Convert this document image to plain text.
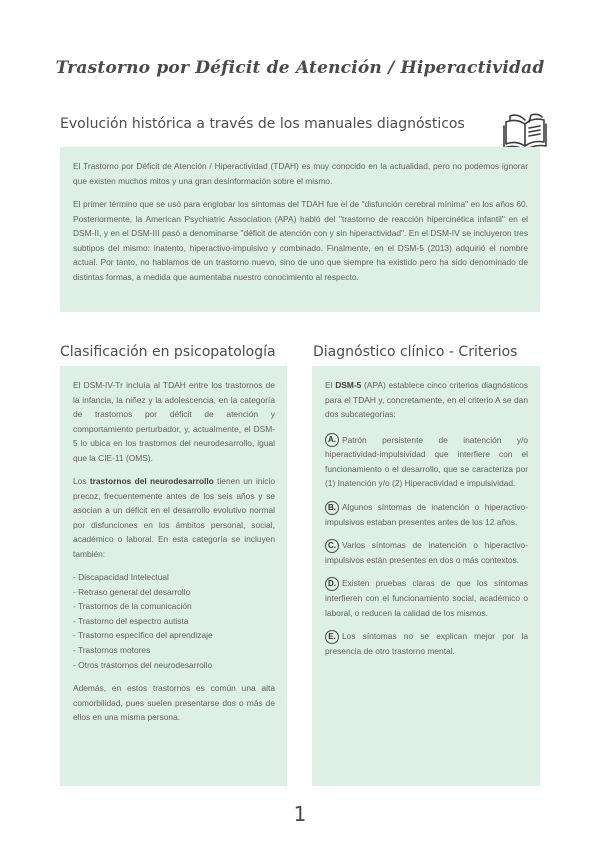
Trastorno por Déficit de Atención / Hiperactividad
Evolución histórica a través de los manuales diagnósticos

El Trastorno por Déficit de Atención / Hiperactividad (TDAH) es muy conocido en la actualidad, pero no podemos ignorar que existen muchos mitos y una gran desinformación sobre el mismo.

El primer término que se usó para englobar los síntomas del TDAH fue el de "disfunción cerebral mínima" en los años 60. Posteriormente, la American Psychiatric Association (APA) habló del "trastorno de reacción hipercinética infantil" en el DSM-II, y en el DSM-III pasó a denominarse "déficit de atención con y sin hiperactividad". En el DSM-IV se incluyeron tres subtipos del mismo: inatento, hiperactivo-impulsivo y combinado. Finalmente, en el DSM-5 (2013) adquirió el nombre actual. Por tanto, no hablamos de un trastorno nuevo, sino de uno que siempre ha existido pero ha sido denominado de distintas formas, a medida que aumentaba nuestro conocimiento al respecto.

Clasificación en psicopatología	Diagnóstico clínico - Criterios

El DSM-IV-Tr incluía al TDAH entre los trastornos de la infancia, la niñez y la adolescencia, en la categoría de trastornos por déficit de atención y comportamiento perturbador, y, actualmente, el DSM-5 lo ubica en los trastornos del neurodesarrollo, igual que la CIE-11 (OMS).

Los trastornos del neurodesarrollo tienen un inicio precoz, frecuentemente antes de los seis años y se asocian a un déficit en el desarrollo evolutivo normal por disfunciones en los ámbitos personal, social, académico o laboral. En esta categoría se incluyen también:

- Discapacidad Intelectual
- Retraso general del desarrollo
- Trastornos de la comunicación
- Trastorno del espectro autista
- Trastorno específico del aprendizaje
- Trastornos motores
- Otros trastornos del neurodesarrollo

Además, en estos trastornos es común una alta comorbilidad, pues suelen presentarse dos o más de ellos en una misma persona.

El DSM-5 (APA) establece cinco criterios diagnósticos para el TDAH y, concretamente, en el criterio A se dan dos subcategorías:

A. Patrón persistente de inatención y/o hiperactividad-impulsividad que interfiere con el funcionamiento o el desarrollo, que se caracteriza por (1) Inatención y/o (2) Hiperactividad e impulsividad.

B. Algunos síntomas de inatención o hiperactivo-impulsivos estaban presentes antes de los 12 años.

C. Varios síntomas de inatención o hiperactivo-impulsivos están presentes en dos o más contextos.

D. Existen pruebas claras de que los síntomas interfieren con el funcionamiento social, académico o laboral, o reducen la calidad de los mismos.

E. Los síntomas no se explican mejor por la presencia de otro trastorno mental.

1
